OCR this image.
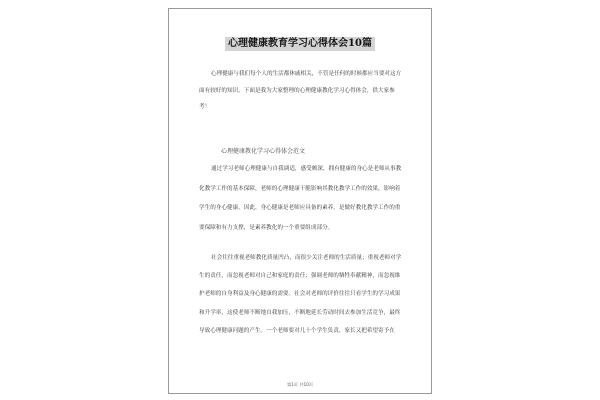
心理健康教育学习心得体会10篇
心理健康与我们每个人的生活都休戚相关，不管是任何的时候都应当要对这方面有较好的知识，下面是我为大家整理的心理健康教化学习心得体会，供大家参考！
心理健康教化学习心得体会范文
通过学习老师心理健康与自我调适，感受颇深，拥有健康的身心是老师从事教化教学工作的基本保障，老师的心理健康干脆影响其教化教学工作的效果，影响着学生的身心健康，因此，身心健康是老师应具备的素养，是做好教化教学工作的重要保障和有力支撑，是素养教化的一个重要组成部分。
社会往往重视老师教化质量凹凸，而很少关注老师的生活质量；重视老师对学生的责任，而忽视老师对自己和家庭的责任；强调老师的牺牲奉献精神，而忽视维护老师的自身利益及身心健康的需要。社会对老师的评价往往只看学生的学习成果和升学率，这使老师不断地自我加压，不断地延长劳动时间去参加生活竞争，最终导致心理健康问题的产生。一个老师要对几十个学生负责，家长又把希望寄予在
第1页 共10页
